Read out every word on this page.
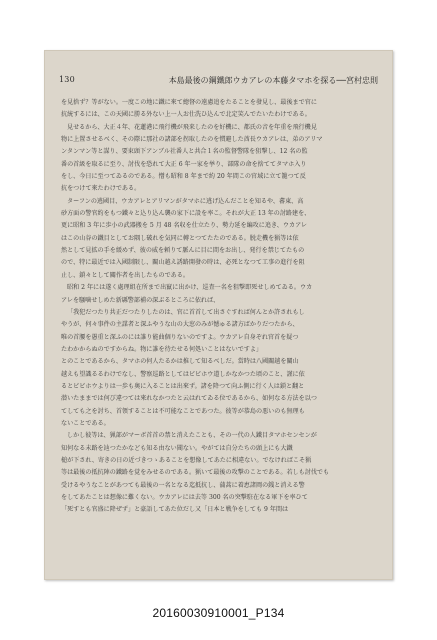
130	本島最後の鋼鐵郎ウカアレの本藤タマホを探る──宮村忠則
を見捨ず？等がない。一度この地に鐵に來て總督の遠慮追をたることを發見し、最後まで官に
抗統するには、この天國に勝る外ない上一人お仕洗ひ込んで北定笑んでたいたわけである。
見せるから、大正４年、花蓮港に飛行機が飛来したのを好機に、都氏の音を年重を飛行機見
物に上置させるべく、その際に那社の諸部を拐取したのを慣避した酋長ウカアレは、弟のアリマ
ンタンマン等と謀り、要束頭下アンブル社番人と共合１名の監督警隊を狙撃し、12 名の監
番の首級を取るに至り、討伐を恐れて大正 6 年一家を挙り、部隊の命を捨ててタマホ入り
をし、今日に至つてゐるのである。憎も昭和 8 年まで約 20 年間この官域に立て籠つて反
抗をつけて來たわけである。
ターフンの逃國目、ウカアレとアリマンがタマホに逃げ込んだことを知るや、蕃東、高
砂方面の警官約をもつ鐵々と込り込ん襲の家下に設を率こ。それが大正 13 年の討路建を、
更に昭和 3 年に歩小の武器搬を 5 月 48 名収を仕立たり、勢力延を編攻に追き、ウカアレ
はこの山谷の鐵目としてお隅し破れを気同に轉とつてたたのである。脱走機を猟等は依
然として見拡の手を緩めず、彼の威を頼りて脈んに目に間をお出し、発行を禁じてたもの
ので、特に最近では入國制限し、關山越え誘路開發の時は、必死となつて工事の進行を阻
止し、鎖々として關作者を出したものである。
昭和 2 年には遂く處理組在所まで出竄に出かけ、巡査一名を狙撃即死せしめてゐる。ウカ
アレを騒噛せしめた新縣警部補の深ぶるところに依れば、
「我犯だつたり共正だつたりしたのは、官に首首して出さぐすれば何んとか許されもし
やうが、何々事件の主謀者と深ふやうな山の大窓のみが憾ゅる諸方ばかりだつたから、
唯の首腰を愚重と深ふのには誰り能曲個りないのですよ。ウカアレ自身ぞれ官首を疑つ
たわかからぬのですからね。物に誰を待たせる何処いことはないですよ」
とのことであるから、タマホの何人たるかは推して知るべしだ。當時は八國關越を關山
越えも望識るるわけでなし、警察巡路としてはビビホウ道しかなかつた頃のこと、謹に依
るとビビホウよりは一歩も奥に入ることは出來ず。諸を降つて向ふ側に行く人は鎖と翻と
潜いたままでは何び違つては來れなかつたと云はれてゐる位であるから、如何なる方法を以つ
てしても之を討ち、首領することは不可能なことであつた。彼等が恭島の悪いのも無理も
ないことである。
しかし彼等は、猟部がマーボ首首の禁と消えたことも、その一代の人鐵目タマホセンセンが
知何なる未路を辿つたかなども知る由ない聞ない。やがては自分たちの頭上にも大鐵
槌が下され、寄きの日の近づきつゝあることを想像してあたに相違ない。でなければこそ猟
等は最後の抵抗陣の鐵路を覚をみせるのである。猟いて最後の攻撃のことである。若しも討伐でも
受けるやうなことがあつても最後の一名となる迄抵抗し、蒲蒿に着恵諸岡の銭と消える警
をしてあたことは想像に難くない。ウカアレには去等 300 名の突撃駐在なる軍下を率ひて
「死すとも官盛に降ぜず」と豪語してあた位だし又「日本と戦争をしても 9 年間は
20160030910001_P134
